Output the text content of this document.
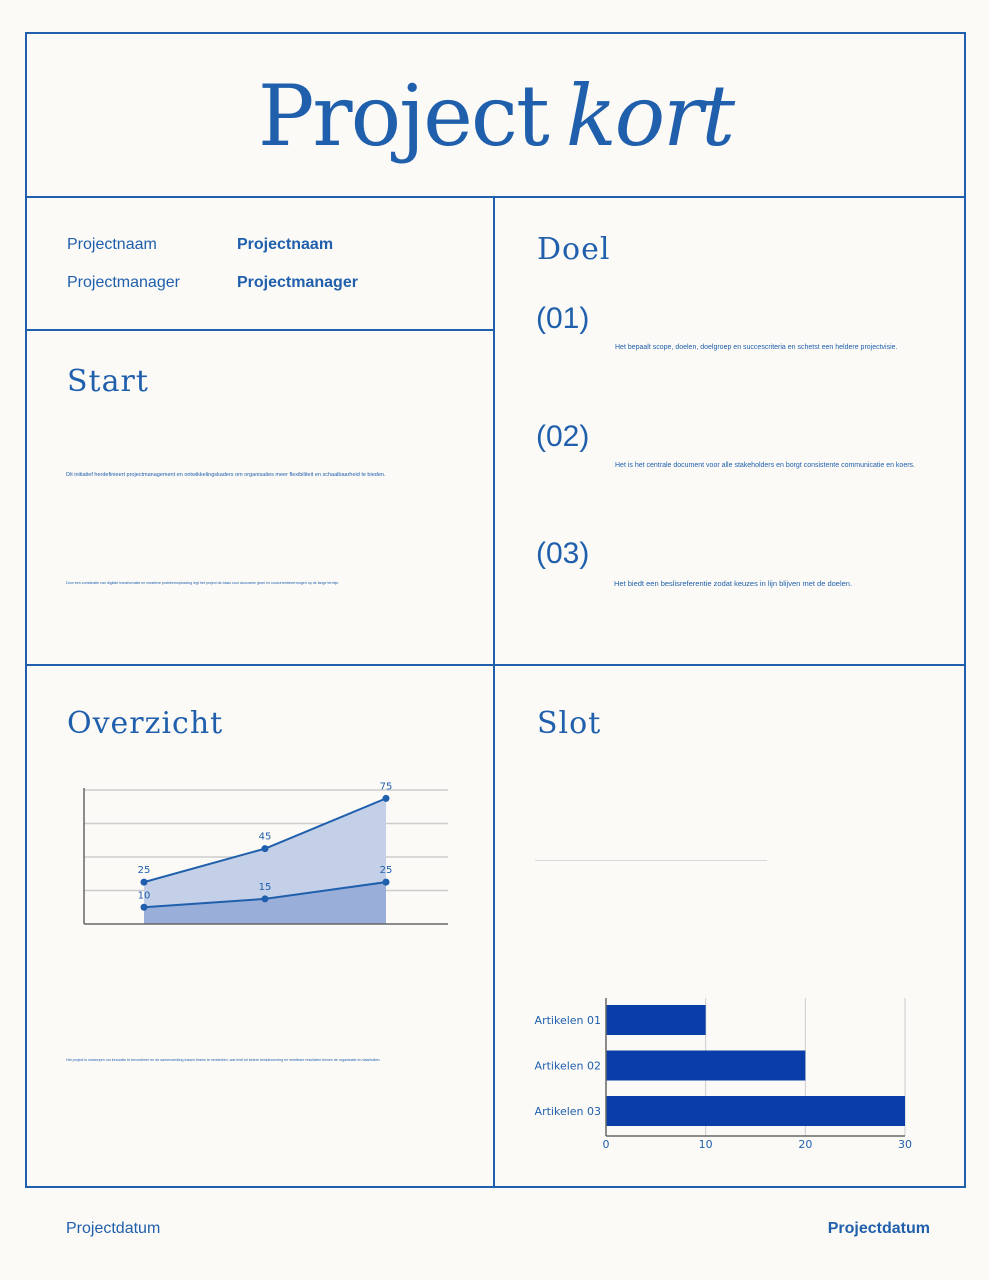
Project kort
Projectnaam	Projectnaam
Projectmanager	Projectmanager
Start
Dit initiatief herdefinieert projectmanagement en ontwikkelingskaders om organisaties meer flexibiliteit en schaalbaarheid te bieden.
Door een combinatie van digitale transformatie en creatieve probleemoplossing legt het project de basis voor duurzame groei en concurrentievermogen op de lange termijn.
Doel
(01)
Het bepaalt scope, doelen, doelgroep en succescriteria en schetst een heldere projectvisie.
(02)
Het is het centrale document voor alle stakeholders en borgt consistente communicatie en koers.
(03)
Het biedt een beslisreferentie zodat keuzes in lijn blijven met de doelen.
Overzicht
25
45
75
10
15
25
Het project is ontworpen om innovatie te bevorderen en de samenwerking tussen teams te versterken, wat leidt tot betere besluitvorming en meetbare resultaten binnen de organisatie en daarbuiten.
Slot
0	10	20	30
Artikelen 01
Artikelen 02
Artikelen 03
Projectdatum	Projectdatum
